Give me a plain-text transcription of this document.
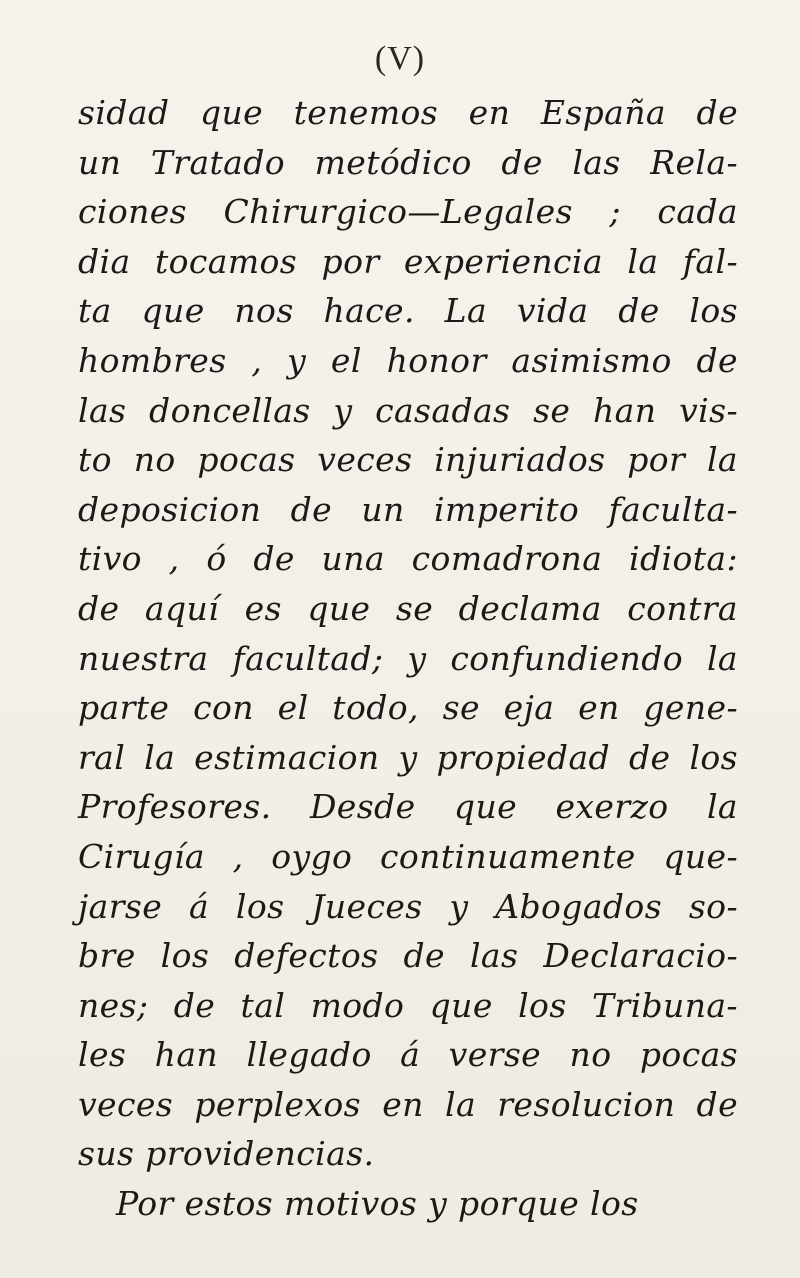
(V)
sidad que tenemos en España de
un Tratado metódico de las Rela-
ciones Chirurgico—Legales ; cada
dia tocamos por experiencia la fal-
ta que nos hace. La vida de los
hombres , y el honor asimismo de
las doncellas y casadas se han vis-
to no pocas veces injuriados por la
deposicion de un imperito faculta-
tivo , ó de una comadrona idiota:
de aquí es que se declama contra
nuestra facultad; y confundiendo la
parte con el todo, se eja en gene-
ral la estimacion y propiedad de los
Profesores. Desde que exerzo la
Cirugía , oygo continuamente que-
jarse á los Jueces y Abogados so-
bre los defectos de las Declaracio-
nes; de tal modo que los Tribuna-
les han llegado á verse no pocas
veces perplexos en la resolucion de
sus providencias.
Por estos motivos y porque los
